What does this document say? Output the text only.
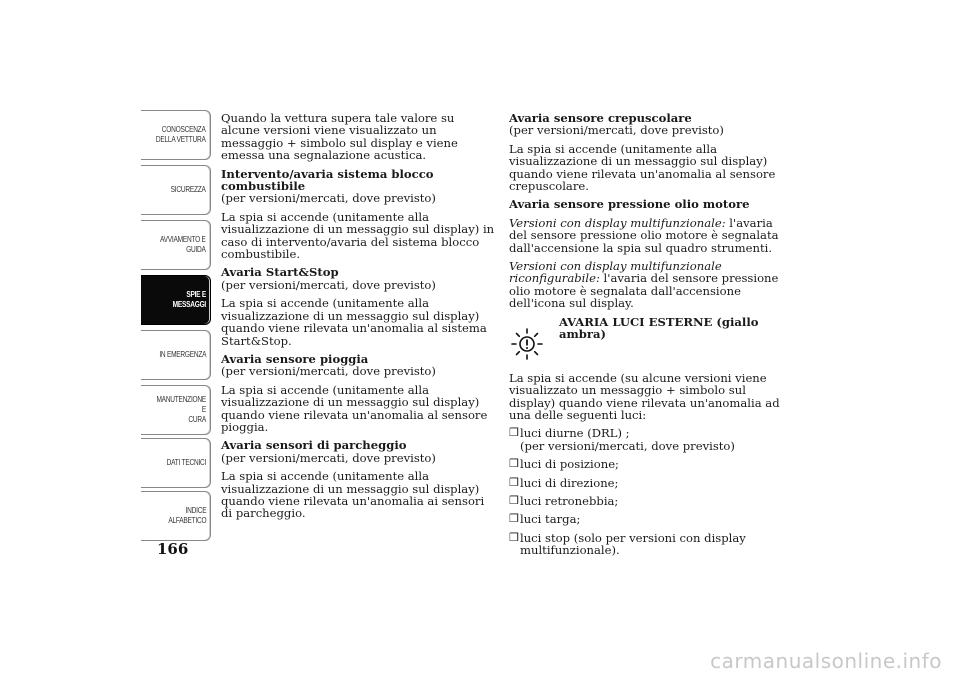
CONOSCENZA
DELLA VETTURA
SICUREZZA
AVVIAMENTO E
GUIDA
SPIE E MESSAGGI
IN EMERGENZA
MANUTENZIONE E
CURA
DATI TECNICI
INDICE
ALFABETICO
166

Quando la vettura supera tale valore su alcune versioni viene visualizzato un messaggio + simbolo sul display e viene emessa una segnalazione acustica.

Intervento/avaria sistema blocco combustibile

(per versioni/mercati, dove previsto)

La spia si accende (unitamente alla visualizzazione di un messaggio sul display) in caso di intervento/avaria del sistema blocco combustibile.

Avaria Start&Stop

(per versioni/mercati, dove previsto)

La spia si accende (unitamente alla visualizzazione di un messaggio sul display) quando viene rilevata un'anomalia al sistema Start&Stop.

Avaria sensore pioggia

(per versioni/mercati, dove previsto)

La spia si accende (unitamente alla visualizzazione di un messaggio sul display) quando viene rilevata un'anomalia al sensore pioggia.

Avaria sensori di parcheggio

(per versioni/mercati, dove previsto)

La spia si accende (unitamente alla visualizzazione di un messaggio sul display) quando viene rilevata un'anomalia ai sensori di parcheggio.

Avaria sensore crepuscolare

(per versioni/mercati, dove previsto)

La spia si accende (unitamente alla visualizzazione di un messaggio sul display) quando viene rilevata un'anomalia al sensore crepuscolare.

Avaria sensore pressione olio motore

Versioni con display multifunzionale: l'avaria del sensore pressione olio motore è segnalata dall'accensione la spia sul quadro strumenti.

Versioni con display multifunzionale riconfigurabile: l'avaria del sensore pressione olio motore è segnalata dall'accensione dell'icona sul display.

AVARIA LUCI ESTERNE (giallo ambra)

La spia si accende (su alcune versioni viene visualizzato un messaggio + simbolo sul display) quando viene rilevata un'anomalia ad una delle seguenti luci:

❒ luci diurne (DRL) ;
(per versioni/mercati, dove previsto)
❒ luci di posizione;
❒ luci di direzione;
❒ luci retronebbia;
❒ luci targa;
❒ luci stop (solo per versioni con display multifunzionale).
carmanualsonline.info
